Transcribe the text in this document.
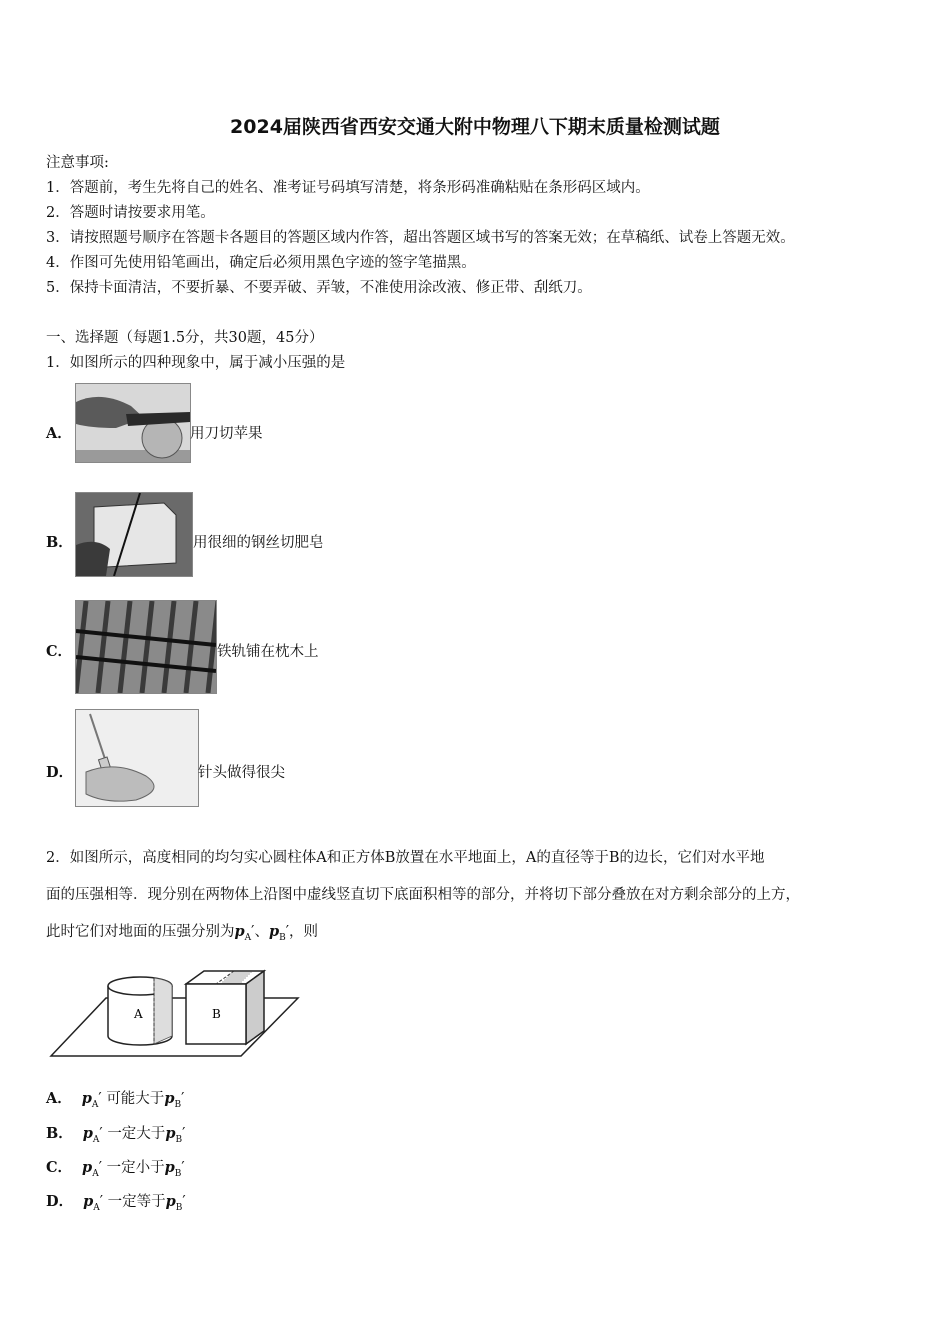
2024届陕西省西安交通大附中物理八下期末质量检测试题
注意事项:
1．答题前，考生先将自己的姓名、准考证号码填写清楚，将条形码准确粘贴在条形码区域内。
2．答题时请按要求用笔。
3．请按照题号顺序在答题卡各题目的答题区域内作答，超出答题区域书写的答案无效；在草稿纸、试卷上答题无效。
4．作图可先使用铅笔画出，确定后必须用黑色字迹的签字笔描黑。
5．保持卡面清洁，不要折暴、不要弄破、弄皱，不准使用涂改液、修正带、刮纸刀。
一、选择题（每题1.5分，共30题，45分）
1．如图所示的四种现象中，属于减小压强的是
A．	用刀切苹果
B．	用很细的钢丝切肥皂
C．	铁轨铺在枕木上
D．	针头做得很尖
2．如图所示，高度相同的均匀实心圆柱体A和正方体B放置在水平地面上，A的直径等于B的边长，它们对水平地
面的压强相等．现分别在两物体上沿图中虚线竖直切下底面积相等的部分，并将切下部分叠放在对方剩余部分的上方，
此时它们对地面的压强分别为$p_A'$、$p_B'$，则
A	B
A． $p_A'$ 可能大于$p_B'$
B． $p_A'$ 一定大于$p_B'$
C． $p_A'$ 一定小于$p_B'$
D． $p_A'$ 一定等于$p_B'$
